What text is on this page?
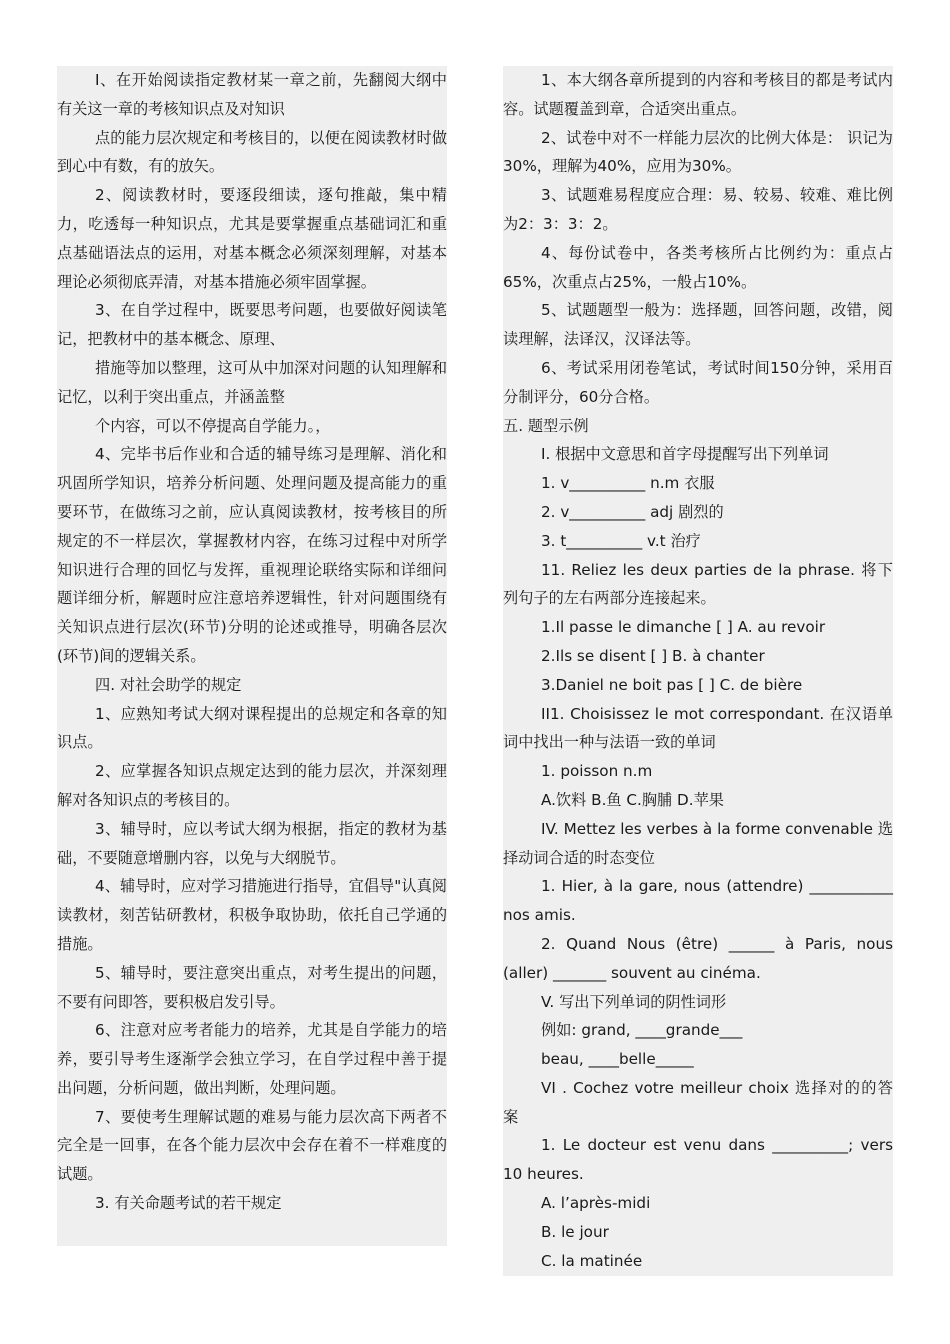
I、在开始阅读指定教材某一章之前，先翻阅大纲中有关这一章的考核知识点及对知识

点的能力层次规定和考核目的，以便在阅读教材时做到心中有数，有的放矢。

2、阅读教材时，要逐段细读，逐句推敲，集中精力，吃透每一种知识点，尤其是要掌握重点基础词汇和重点基础语法点的运用，对基本概念必须深刻理解，对基本理论必须彻底弄清，对基本措施必须牢固掌握。

3、在自学过程中，既要思考问题，也要做好阅读笔记，把教材中的基本概念、原理、

措施等加以整理，这可从中加深对问题的认知理解和记忆，以利于突出重点，并涵盖整

个内容，可以不停提高自学能力。，

4、完毕书后作业和合适的辅导练习是理解、消化和巩固所学知识，培养分析问题、处理问题及提高能力的重要环节，在做练习之前，应认真阅读教材，按考核目的所规定的不一样层次，掌握教材内容，在练习过程中对所学知识进行合理的回忆与发挥，重视理论联络实际和详细问题详细分析，解题时应注意培养逻辑性，针对问题围绕有关知识点进行层次(环节)分明的论述或推导，明确各层次(环节)间的逻辑关系。

四. 对社会助学的规定

1、应熟知考试大纲对课程提出的总规定和各章的知识点。

2、应掌握各知识点规定达到的能力层次，并深刻理解对各知识点的考核目的。

3、辅导时，应以考试大纲为根据，指定的教材为基础，不要随意增删内容，以免与大纲脱节。

4、辅导时，应对学习措施进行指导，宜倡导"认真阅读教材，刻苦钻研教材，积极争取协助，依托自己学通的措施。

5、辅导时，要注意突出重点，对考生提出的问题，不要有问即答，要积极启发引导。

6、注意对应考者能力的培养，尤其是自学能力的培养，要引导考生逐渐学会独立学习，在自学过程中善于提出问题，分析问题，做出判断，处理问题。

7、要使考生理解试题的难易与能力层次高下两者不完全是一回事，在各个能力层次中会存在着不一样难度的试题。

3. 有关命题考试的若干规定

1、本大纲各章所提到的内容和考核目的都是考试内容。试题覆盖到章，合适突出重点。

2、试卷中对不一样能力层次的比例大体是： 识记为30%，理解为40%，应用为30%。

3、试题难易程度应合理：易、较易、较难、难比例为2：3：3：2。

4、每份试卷中，各类考核所占比例约为：重点占65%，次重点占25%，一般占10%。

5、试题题型一般为：选择题，回答问题，改错，阅读理解，法译汉，汉译法等。

6、考试采用闭卷笔试，考试时间150分钟，采用百分制评分，60分合格。

五. 题型示例

I. 根据中文意思和首字母提醒写出下列单词

1. v__________ n.m 衣服

2. v__________ adj 剧烈的

3. t__________ v.t 治疗

11. Reliez les deux parties de la phrase. 将下列句子的左右两部分连接起来。

1.Il passe le dimanche [ ] A. au revoir

2.Ils se disent [ ] B. à chanter

3.Daniel ne boit pas [ ] C. de bière

II1. Choisissez le mot correspondant. 在汉语单词中找出一种与法语一致的单词

1. poisson n.m

A.饮料 B.鱼 C.胸脯 D.苹果

IV. Mettez les verbes à la forme convenable 选择动词合适的时态变位

1. Hier, à la gare, nous (attendre) ___________ nos amis.

2. Quand Nous (être) ______ à Paris, nous (aller) _______ souvent au cinéma.

V. 写出下列单词的阴性词形

例如: grand, ____grande___

beau, ____belle_____

VI . Cochez votre meilleur choix 选择对的的答案

1. Le docteur est venu dans __________; vers 10 heures.

A. l’après-midi

B. le jour

C. la matinée
